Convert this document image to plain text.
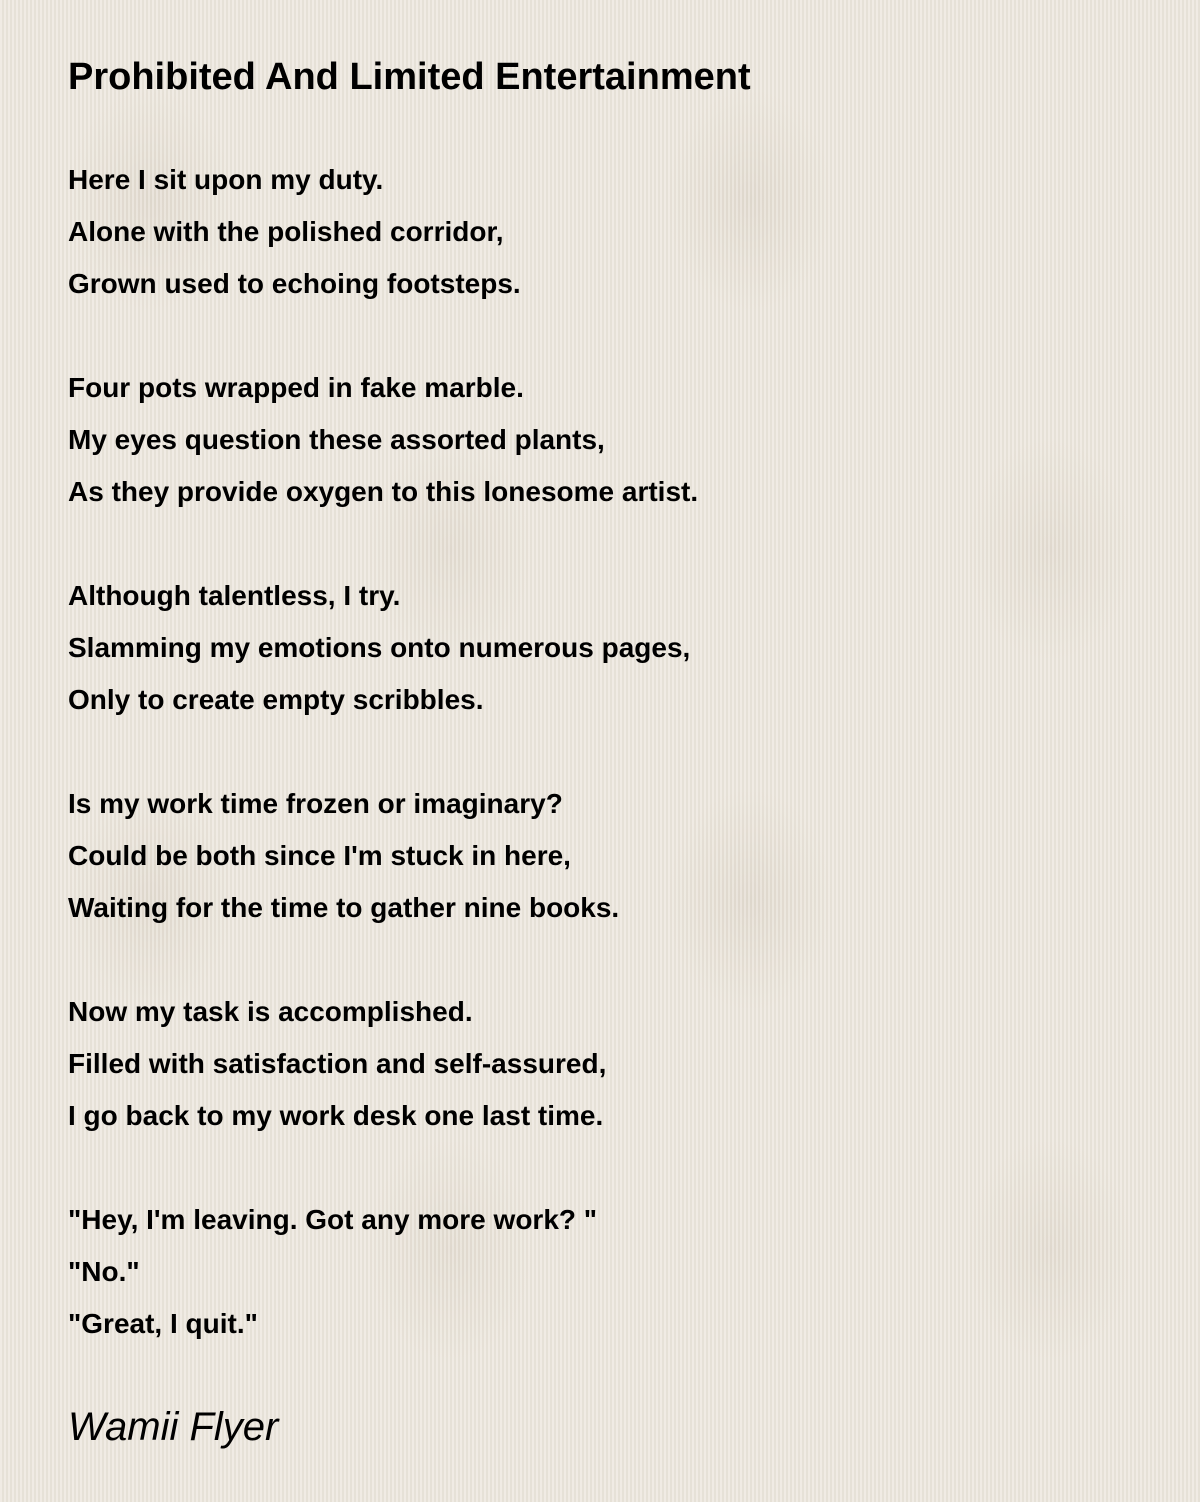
Prohibited And Limited Entertainment

Here I sit upon my duty.
Alone with the polished corridor,
Grown used to echoing footsteps.

Four pots wrapped in fake marble.
My eyes question these assorted plants,
As they provide oxygen to this lonesome artist.

Although talentless, I try.
Slamming my emotions onto numerous pages,
Only to create empty scribbles.

Is my work time frozen or imaginary?
Could be both since I'm stuck in here,
Waiting for the time to gather nine books.

Now my task is accomplished.
Filled with satisfaction and self-assured,
I go back to my work desk one last time.

"Hey, I'm leaving. Got any more work? "
"No."
"Great, I quit."

Wamii Flyer
